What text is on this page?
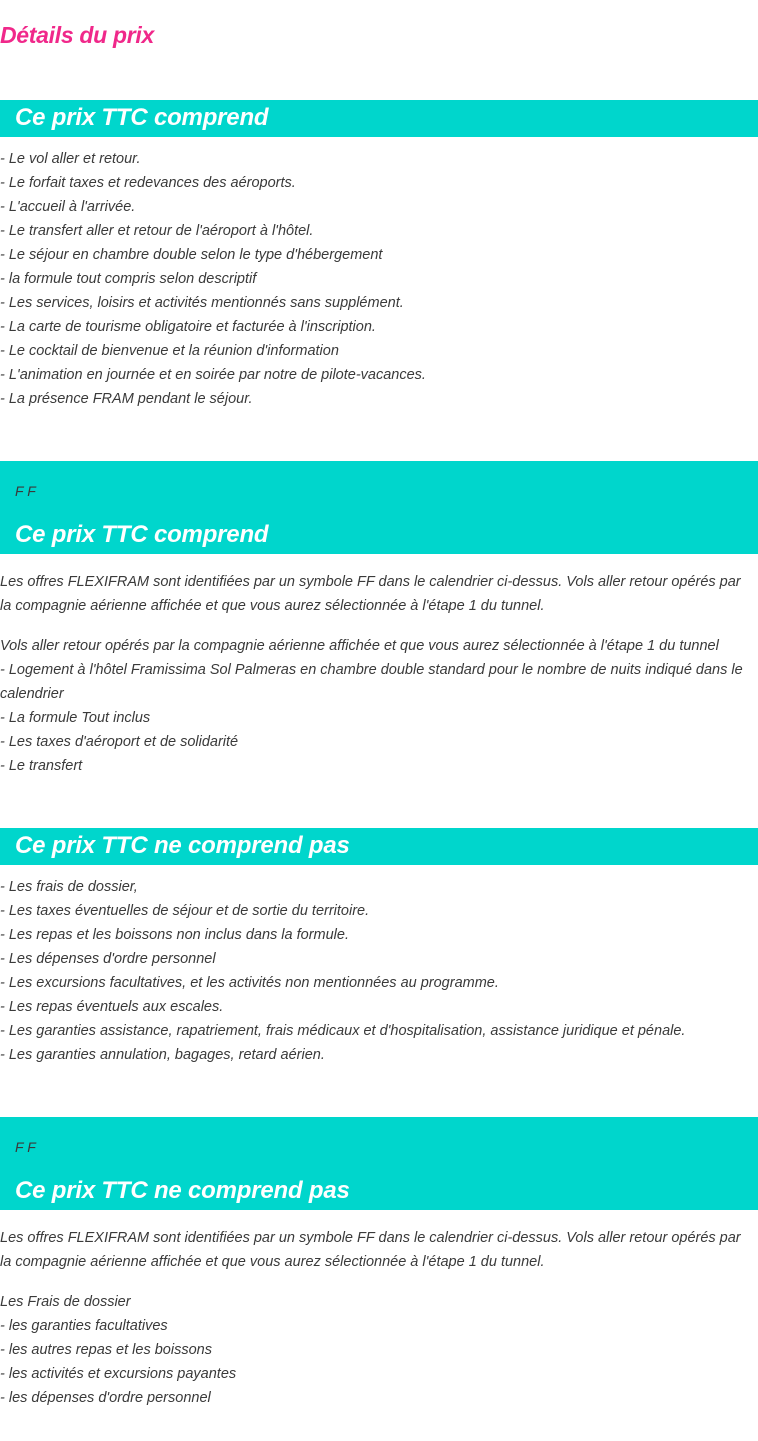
Détails du prix
Ce prix TTC comprend
- Le vol aller et retour.
- Le forfait taxes et redevances des aéroports.
- L'accueil à l'arrivée.
- Le transfert aller et retour de l'aéroport à l'hôtel.
- Le séjour en chambre double selon le type d'hébergement
- la formule tout compris selon descriptif
- Les services, loisirs et activités mentionnés sans supplément.
- La carte de tourisme obligatoire et facturée à l'inscription.
- Le cocktail de bienvenue et la réunion d'information
- L'animation en journée et en soirée par notre de pilote-vacances.
- La présence FRAM pendant le séjour.

F F

Ce prix TTC comprend

Les offres FLEXIFRAM sont identifiées par un symbole FF dans le calendrier ci-dessus. Vols aller retour opérés par la compagnie aérienne affichée et que vous aurez sélectionnée à l'étape 1 du tunnel.

Vols aller retour opérés par la compagnie aérienne affichée et que vous aurez sélectionnée à l'étape 1 du tunnel
- Logement à l'hôtel Framissima Sol Palmeras en chambre double standard pour le nombre de nuits indiqué dans le calendrier
- La formule Tout inclus
- Les taxes d'aéroport et de solidarité
- Le transfert
Ce prix TTC ne comprend pas
- Les frais de dossier,
- Les taxes éventuelles de séjour et de sortie du territoire.
- Les repas et les boissons non inclus dans la formule.
- Les dépenses d'ordre personnel
- Les excursions facultatives, et les activités non mentionnées au programme.
- Les repas éventuels aux escales.
- Les garanties assistance, rapatriement, frais médicaux et d'hospitalisation, assistance juridique et pénale.
- Les garanties annulation, bagages, retard aérien.

F F

Ce prix TTC ne comprend pas

Les offres FLEXIFRAM sont identifiées par un symbole FF dans le calendrier ci-dessus. Vols aller retour opérés par la compagnie aérienne affichée et que vous aurez sélectionnée à l'étape 1 du tunnel.

Les Frais de dossier
- les garanties facultatives
- les autres repas et les boissons
- les activités et excursions payantes
- les dépenses d'ordre personnel
